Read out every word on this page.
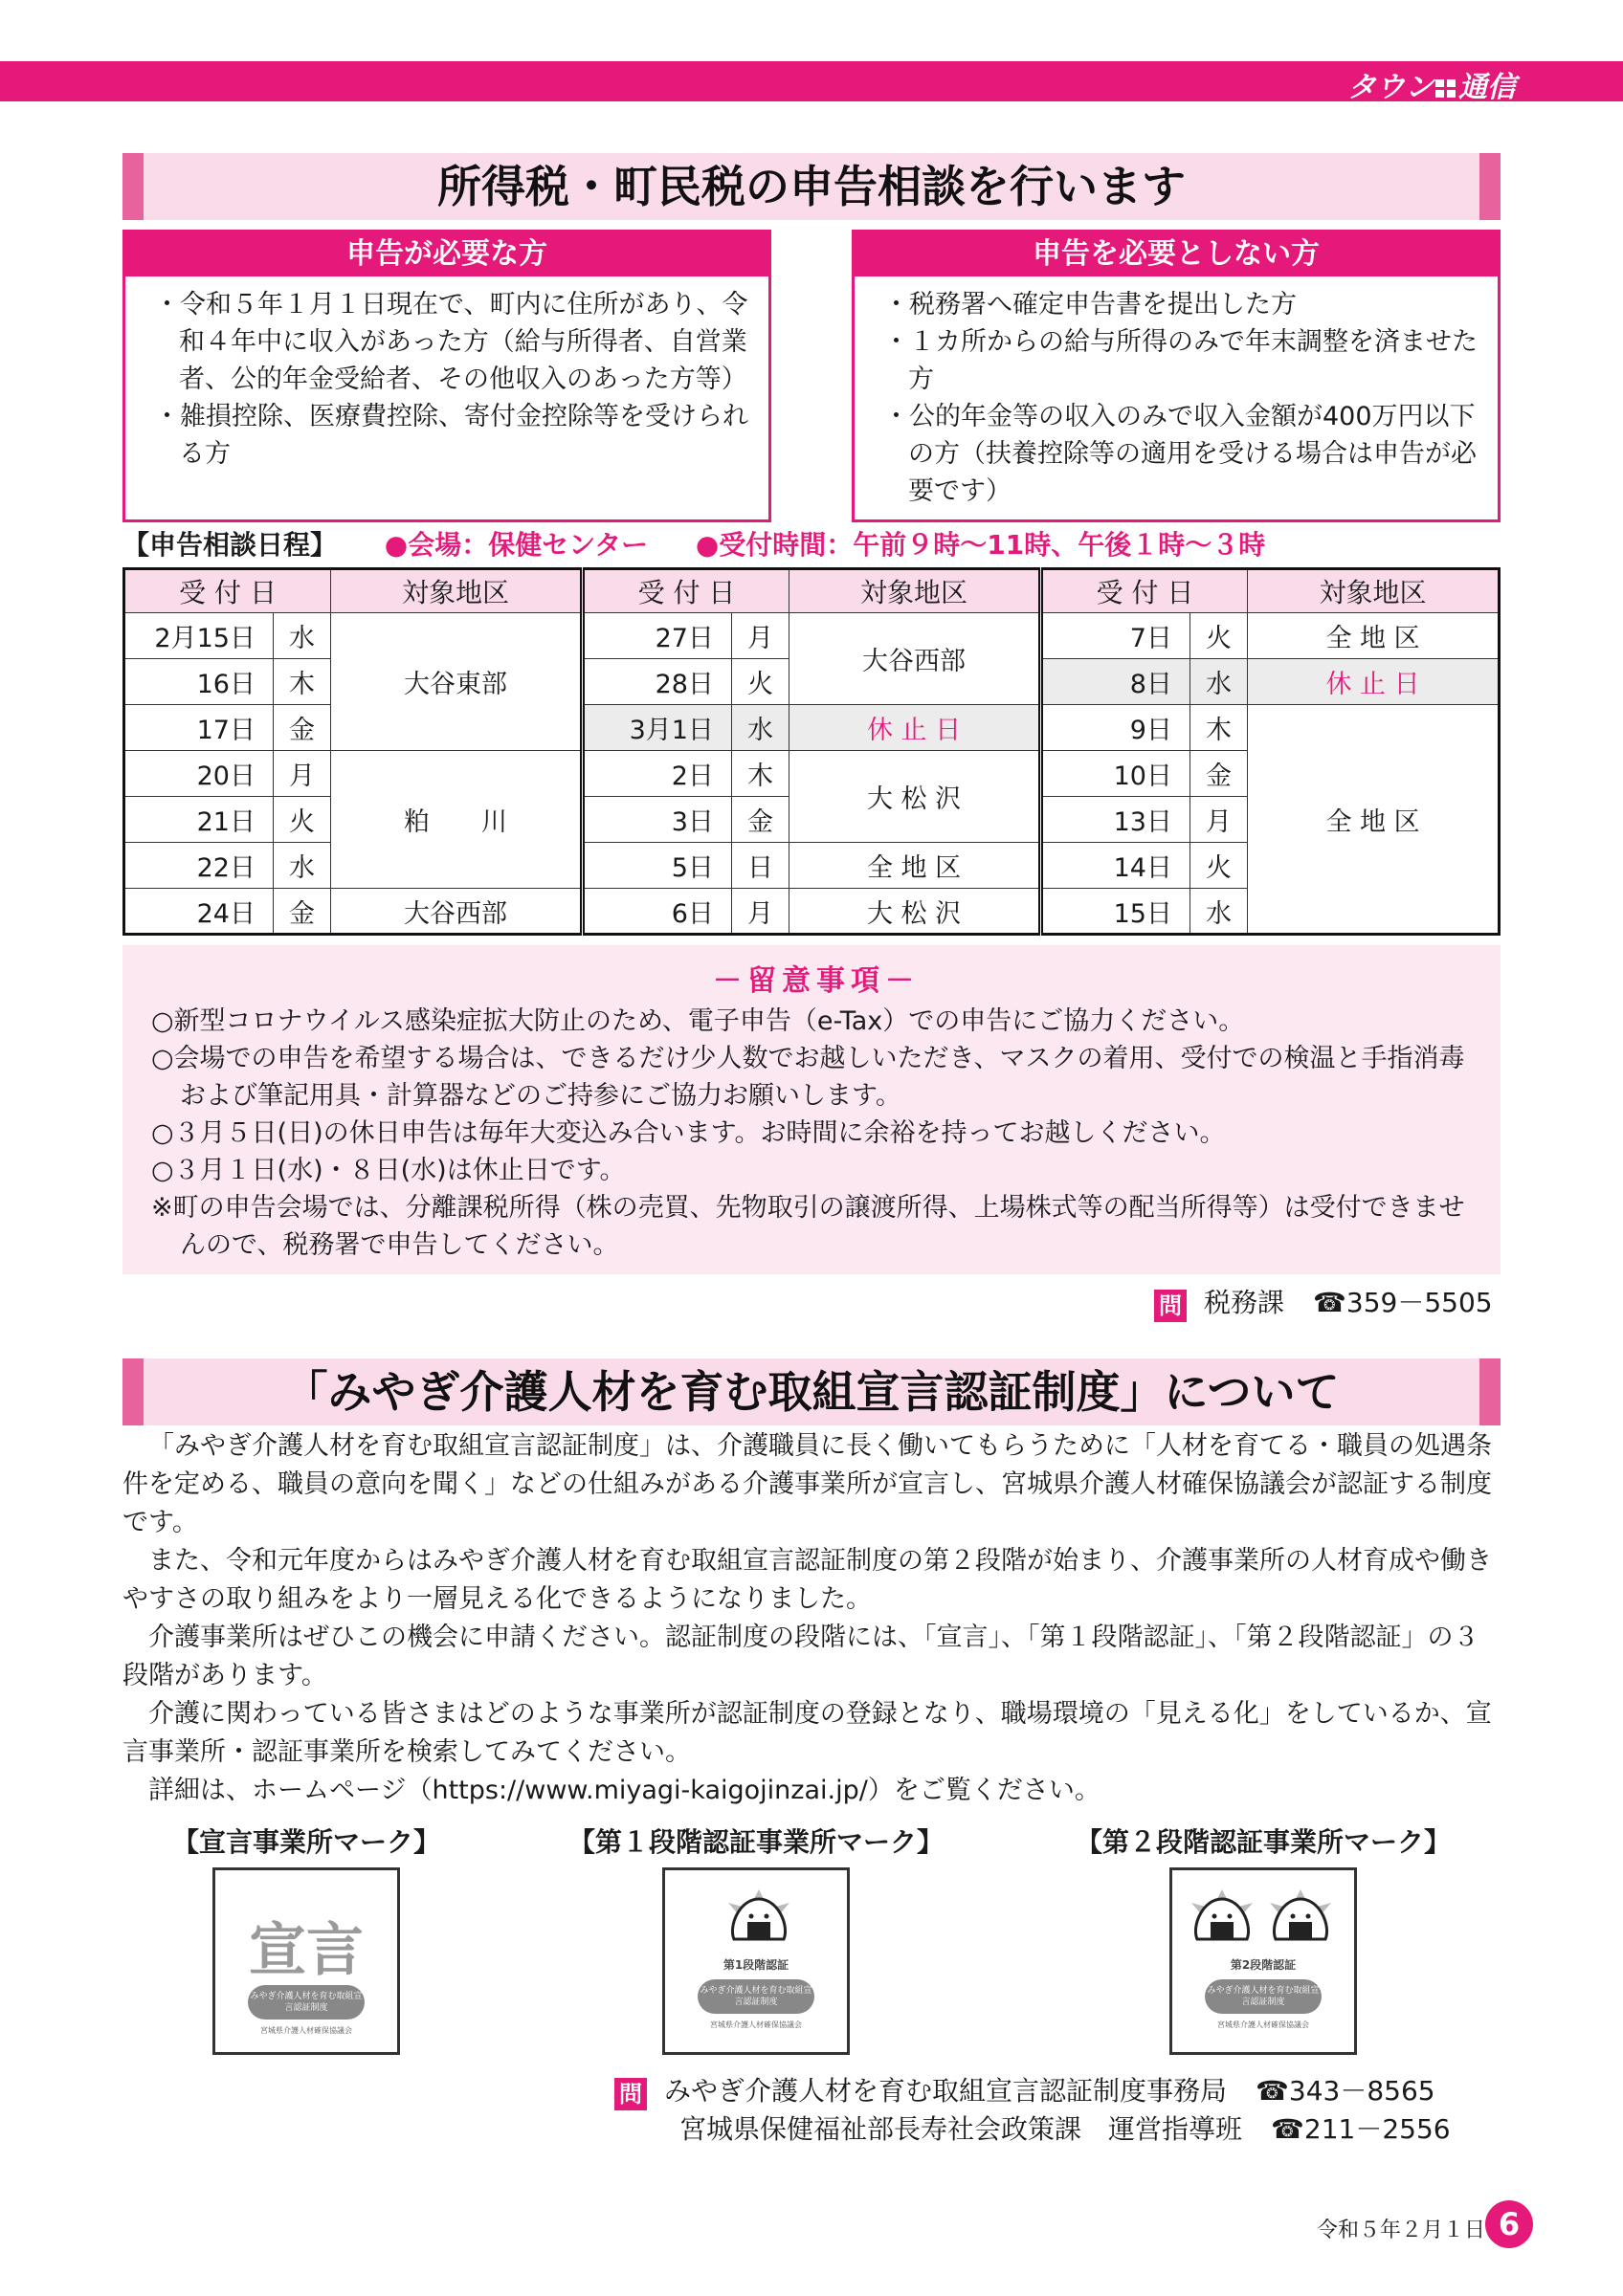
タウン 通信
所得税・町民税の申告相談を行います
申告が必要な方
・ 令和５年１月１日現在で、町内に住所があり、令和４年中に収入があった方（給与所得者、自営業者、公的年金受給者、その他収入のあった方等）
・ 雑損控除、医療費控除、寄付金控除等を受けられる方
申告を必要としない方
・ 税務署へ確定申告書を提出した方
・ １カ所からの給与所得のみで年末調整を済ませた方
・ 公的年金等の収入のみで収入金額が400万円以下の方（扶養控除等の適用を受ける場合は申告が必要です）
【申告相談日程】 ●会場：保健センター ●受付時間：午前９時～11時、午後１時～３時
受 付 日		対象地区	受 付 日		対象地区	受 付 日		対象地区
2月15日	水	大谷東部	27日	月	大谷西部	7日	火	全 地 区
16日	木		28日	火		8日	水	休 止 日
17日	金		3月1日	水	休 止 日	9日	木	全 地 区
20日	月	粕　　川	2日	木	大 松 沢	10日	金	
21日	火		3日	金		13日	月	
22日	水		5日	日	全 地 区	14日	火	
24日	金	大谷西部	6日	月	大 松 沢	15日	水	
－留意事項－

○新型コロナウイルス感染症拡大防止のため、電子申告（e-Tax）での申告にご協力ください。

○会場での申告を希望する場合は、できるだけ少人数でお越しいただき、マスクの着用、受付での検温と手指消毒および筆記用具・計算器などのご持参にご協力お願いします。

○３月５日(日)の休日申告は毎年大変込み合います。お時間に余裕を持ってお越しください。

○３月１日(水)・８日(水)は休止日です。

※町の申告会場では、分離課税所得（株の売買、先物取引の譲渡所得、上場株式等の配当所得等）は受付できませんので、税務署で申告してください。

問 税務課 ☎359－5505
「みやぎ介護人材を育む取組宣言認証制度」について

「みやぎ介護人材を育む取組宣言認証制度」は、介護職員に長く働いてもらうために「人材を育てる・職員の処遇条件を定める、職員の意向を聞く」などの仕組みがある介護事業所が宣言し、宮城県介護人材確保協議会が認証する制度です。

また、令和元年度からはみやぎ介護人材を育む取組宣言認証制度の第２段階が始まり、介護事業所の人材育成や働きやすさの取り組みをより一層見える化できるようになりました。

介護事業所はぜひこの機会に申請ください。認証制度の段階には、「宣言」、「第１段階認証」、「第２段階認証」の３段階があります。

介護に関わっている皆さまはどのような事業所が認証制度の登録となり、職場環境の「見える化」をしているか、宣言事業所・認証事業所を検索してみてください。

詳細は、ホームページ（https://www.miyagi-kaigojinzai.jp/）をご覧ください。

【宣言事業所マーク】	【第１段階認証事業所マーク】	【第２段階認証事業所マーク】
宣言
みやぎ介護人材を育む取組宣言認証制度
宮城県介護人材確保協議会
第1段階認証
みやぎ介護人材を育む取組宣言認証制度
宮城県介護人材確保協議会
第2段階認証
みやぎ介護人材を育む取組宣言認証制度
宮城県介護人材確保協議会
問 みやぎ介護人材を育む取組宣言認証制度事務局 ☎343－8565
宮城県保健福祉部長寿社会政策課　運営指導班 ☎211－2556
令和５年２月１日 6
